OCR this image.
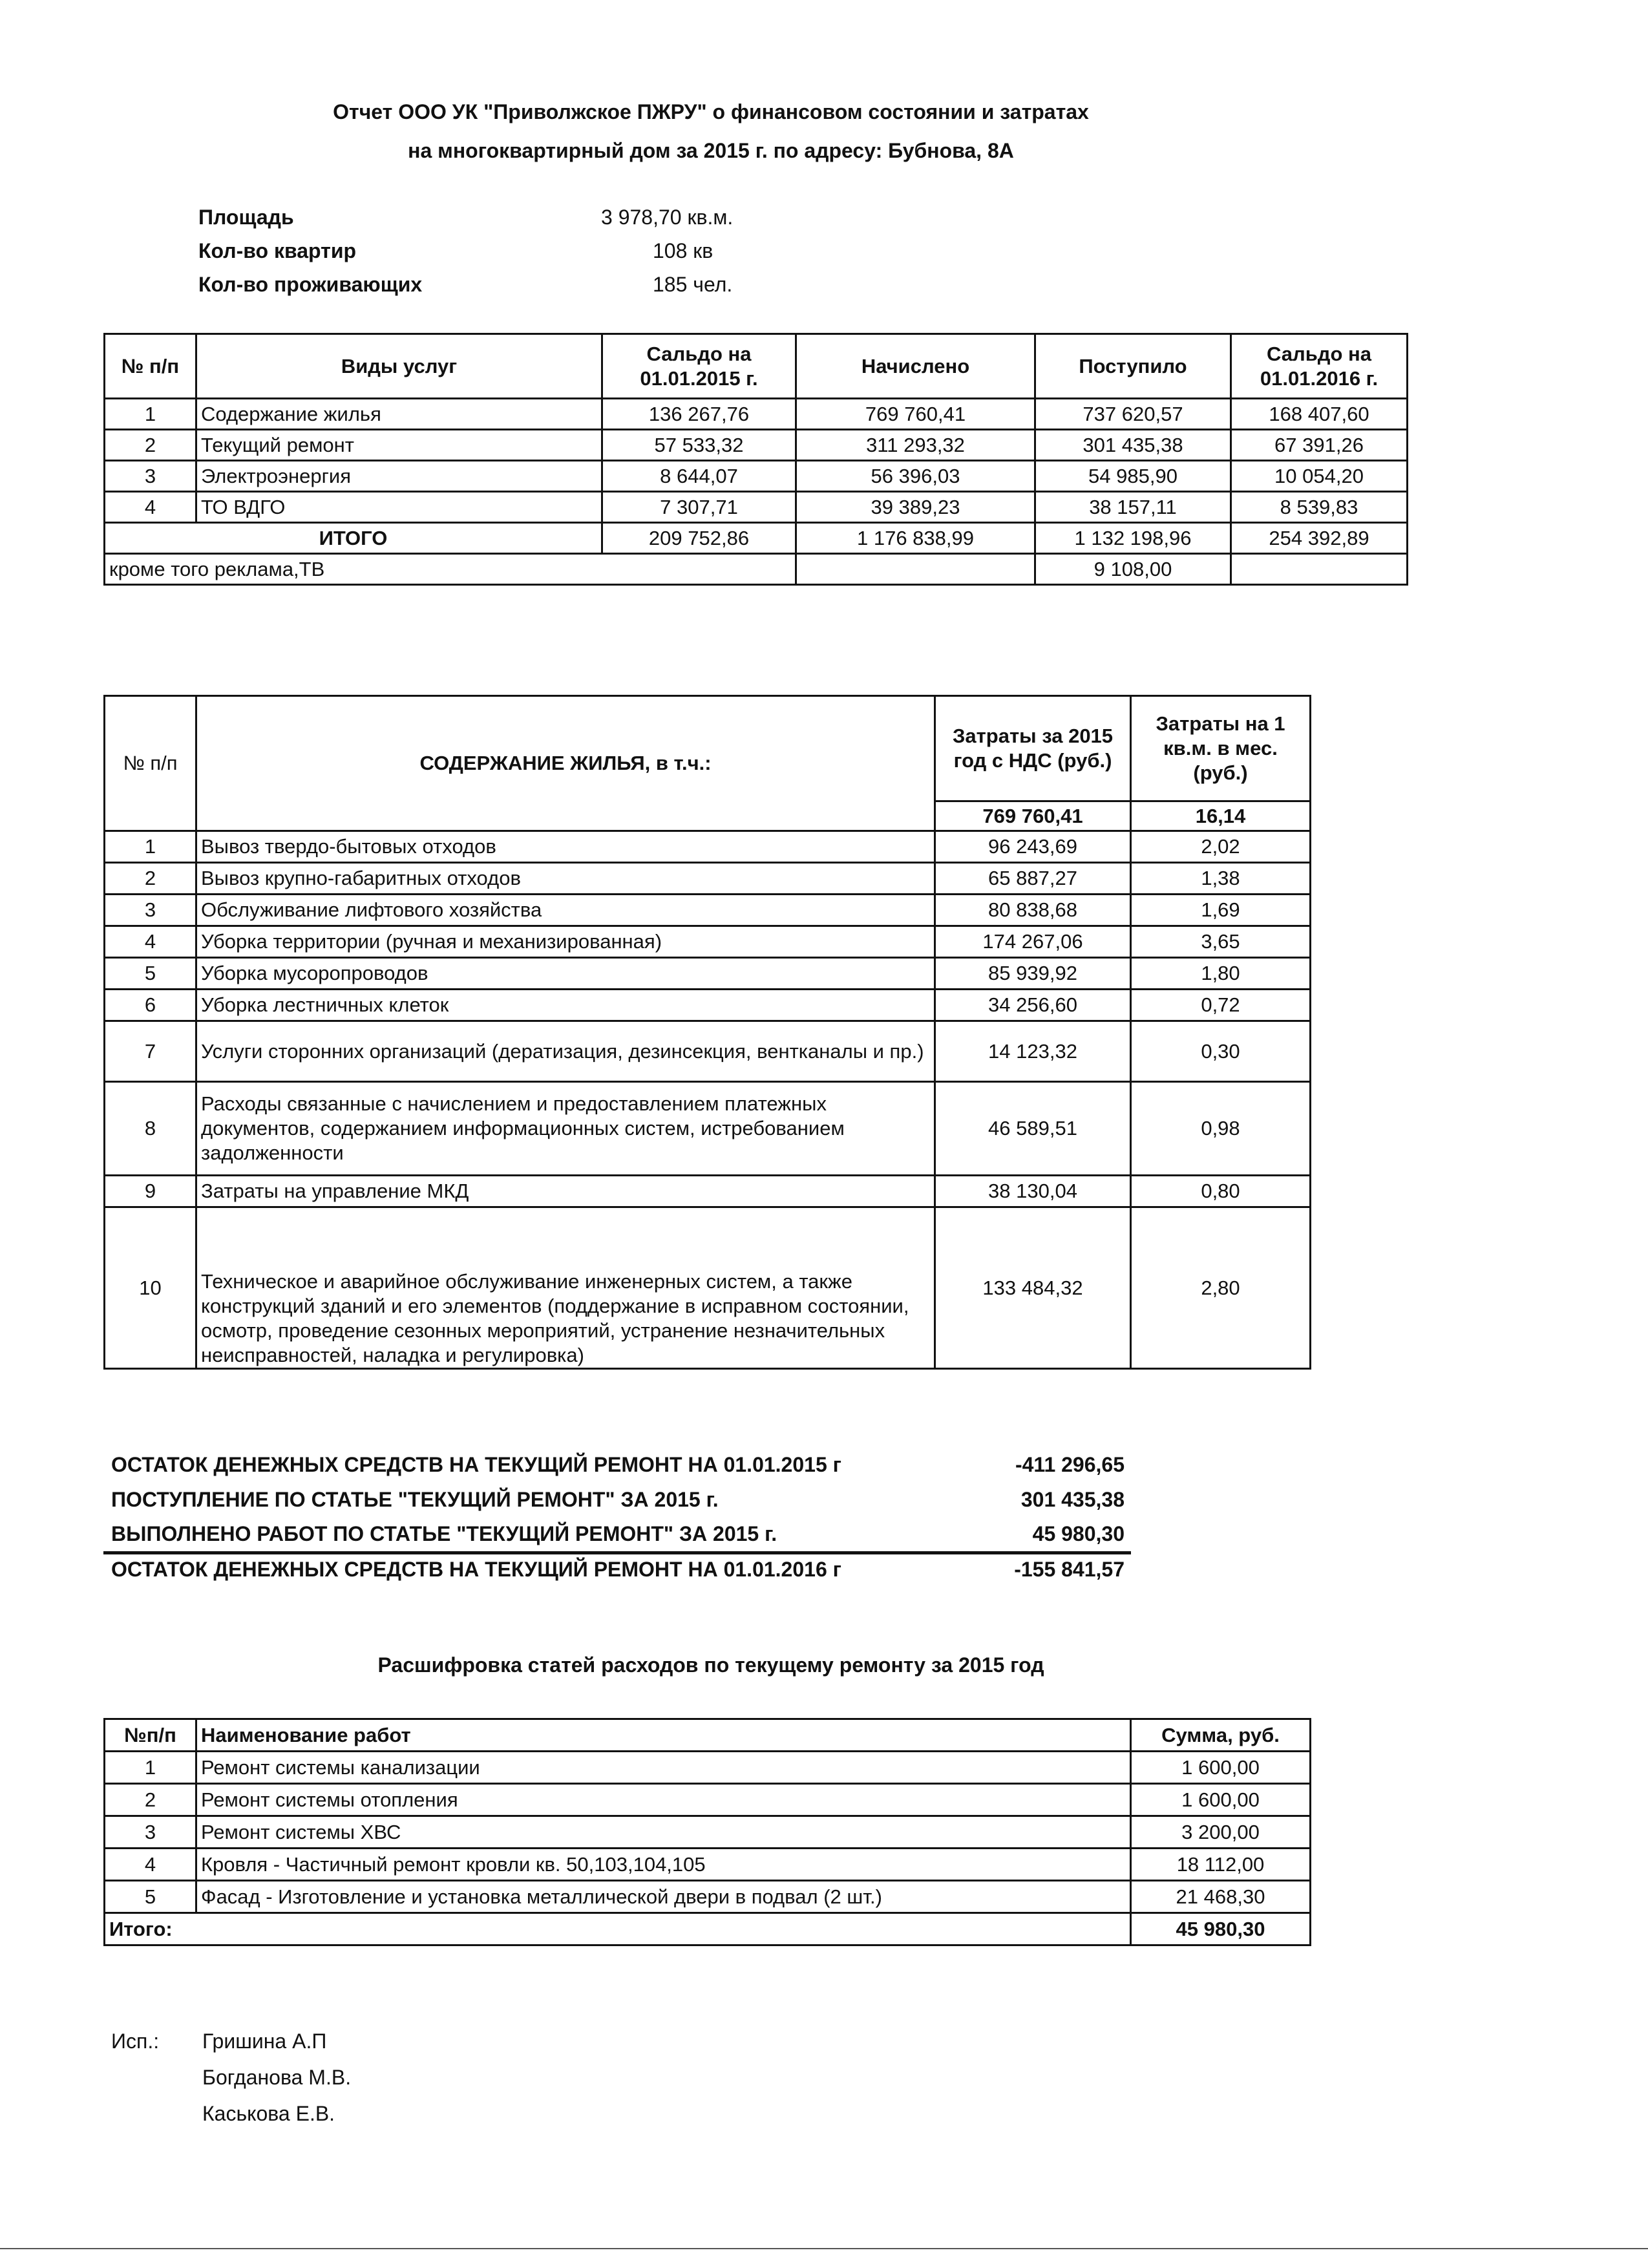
Отчет ООО УК "Приволжское ПЖРУ" о финансовом состоянии и затратах
на многоквартирный дом за 2015 г. по адресу: Бубнова, 8А
Площадь	3 978,70 кв.м.
Кол-во квартир	108 кв
Кол-во проживающих	185 чел.
№ п/п	Виды услуг	Сальдо на 01.01.2015 г.	Начислено	Поступило	Сальдо на 01.01.2016 г.
1	Содержание жилья	136 267,76	769 760,41	737 620,57	168 407,60
2	Текущий ремонт	57 533,32	311 293,32	301 435,38	67 391,26
3	Электроэнергия	8 644,07	56 396,03	54 985,90	10 054,20
4	ТО ВДГО	7 307,71	39 389,23	38 157,11	8 539,83
ИТОГО		209 752,86	1 176 838,99	1 132 198,96	254 392,89
кроме того реклама,ТВ				9 108,00	
№ п/п	СОДЕРЖАНИЕ ЖИЛЬЯ, в т.ч.:	Затраты за 2015 год с НДС (руб.)	Затраты на 1 кв.м. в мес. (руб.)
		769 760,41	16,14
1	Вывоз твердо-бытовых отходов	96 243,69	2,02
2	Вывоз крупно-габаритных отходов	65 887,27	1,38
3	Обслуживание лифтового хозяйства	80 838,68	1,69
4	Уборка территории (ручная и механизированная)	174 267,06	3,65
5	Уборка мусоропроводов	85 939,92	1,80
6	Уборка лестничных клеток	34 256,60	0,72
7	Услуги сторонних организаций (дератизация, дезинсекция, вентканалы и пр.)	14 123,32	0,30
8	Расходы связанные с начислением и предоставлением платежных документов, содержанием информационных систем, истребованием задолженности	46 589,51	0,98
9	Затраты на управление МКД	38 130,04	0,80
10	Техническое и аварийное обслуживание инженерных систем, а также конструкций зданий и его элементов (поддержание в исправном состоянии, осмотр, проведение сезонных мероприятий, устранение незначительных неисправностей, наладка и регулировка)	133 484,32	2,80
ОСТАТОК ДЕНЕЖНЫХ СРЕДСТВ НА ТЕКУЩИЙ РЕМОНТ НА 01.01.2015 г	-411 296,65
ПОСТУПЛЕНИЕ ПО СТАТЬЕ "ТЕКУЩИЙ РЕМОНТ" ЗА 2015 г.	301 435,38
ВЫПОЛНЕНО РАБОТ ПО СТАТЬЕ "ТЕКУЩИЙ РЕМОНТ" ЗА 2015 г.	45 980,30
ОСТАТОК ДЕНЕЖНЫХ СРЕДСТВ НА ТЕКУЩИЙ РЕМОНТ НА 01.01.2016 г	-155 841,57
Расшифровка статей расходов по текущему ремонту за 2015 год
№п/п	Наименование работ	Сумма, руб.
1	Ремонт системы канализации	1 600,00
2	Ремонт системы отопления	1 600,00
3	Ремонт системы ХВС	3 200,00
4	Кровля - Частичный ремонт кровли кв. 50,103,104,105	18 112,00
5	Фасад - Изготовление и установка металлической двери в подвал (2 шт.)	21 468,30
Итого:		45 980,30
Исп.: Гришина А.П
Богданова М.В.
Каськова Е.В.
